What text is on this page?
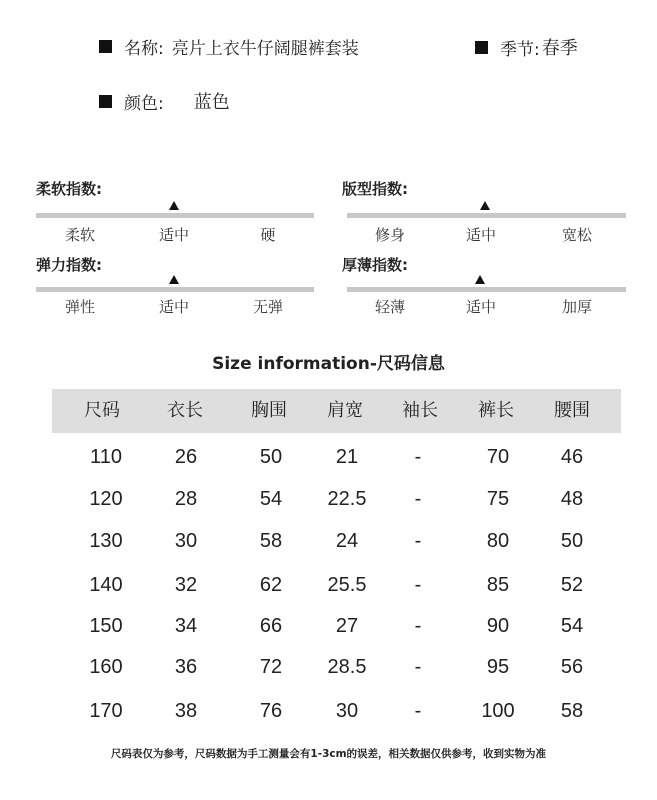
名称: 亮片上衣牛仔阔腿裤套装	季节: 春季
颜色: 蓝色
柔软指数:
柔软	适中	硬
版型指数:
修身	适中	宽松
弹力指数:
弹性	适中	无弹
厚薄指数:
轻薄	适中	加厚
Size information-尺码信息
尺码	衣长	胸围 肩宽 袖长 裤长 腰围
110	26	50	21	-	70	46
120	28	54 22.5 -	75	48
130	30	58	24	-	80	50
140	32	62 25.5 -	85	52
150	34	66	27	-	90	54
160	36	72 28.5 -	95	56
170	38	76	30	-	100 58
尺码表仅为参考，尺码数据为手工测量会有1-3cm的误差，相关数据仅供参考，收到实物为准
